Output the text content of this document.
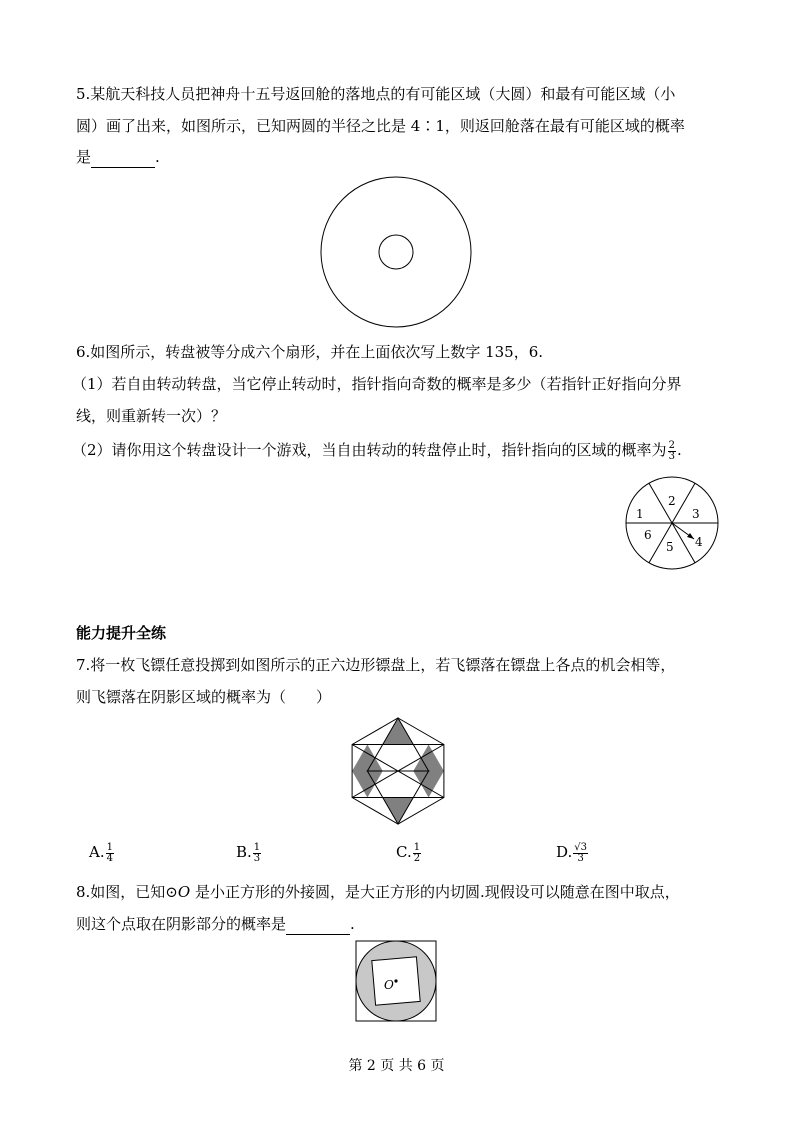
5.某航天科技人员把神舟十五号返回舱的落地点的有可能区域（大圆）和最有可能区域（小
圆）画了出来，如图所示，已知两圆的半径之比是 4∶1，则返回舱落在最有可能区域的概率
是	.
6.如图所示，转盘被等分成六个扇形，并在上面依次写上数字 135，6.
（1）若自由转动转盘，当它停止转动时，指针指向奇数的概率是多少（若指针正好指向分界
线，则重新转一次）？
（2）请你用这个转盘设计一个游戏，当自由转动的转盘停止时，指针指向的区域的概率为 $\frac{2}{3}$ .
1
2
3
4
5
6
能力提升全练
7.将一枚飞镖任意投掷到如图所示的正六边形镖盘上，若飞镖落在镖盘上各点的机会相等，
则飞镖落在阴影区域的概率为（　　）
A. $\frac{1}{4}$	B. $\frac{1}{3}$	C. $\frac{1}{2}$	D. $\frac{√3}{3}$
8.如图，已知⊙O 是小正方形的外接圆，是大正方形的内切圆.现假设可以随意在图中取点，
则这个点取在阴影部分的概率是	.
O
第 2 页 共 6 页
